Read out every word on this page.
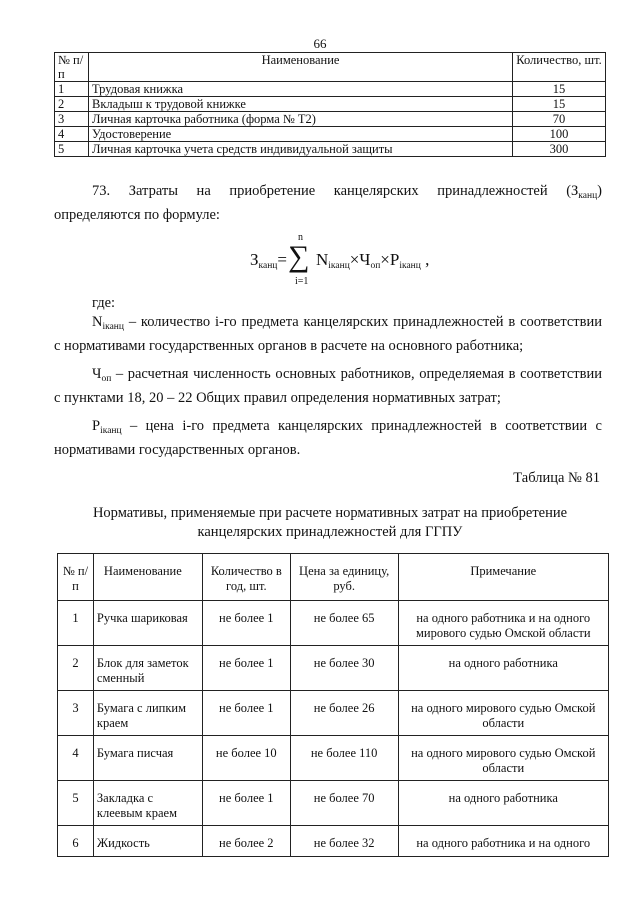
66
№ п/п	Наименование	Количество, шт.
1	Трудовая книжка	15
2	Вкладыш к трудовой книжке	15
3	Личная карточка работника (форма № Т2)	70
4	Удостоверение	100
5	Личная карточка учета средств индивидуальной защиты	300
73. Затраты на приобретение канцелярских принадлежностей $(З_{канц})$ определяются по формуле:
$З_{канц}=$
n
∑
i=1
$N_{iканц}\times Ч_{оп}\times P_{iканц}$ ,
где:
$N_{iканц}$ – количество i-го предмета канцелярских принадлежностей в соответствии с нормативами государственных органов в расчете на основного работника;
$Ч_{оп}$ – расчетная численность основных работников, определяемая в соответствии с пунктами 18, 20 – 22 Общих правил определения нормативных затрат;
$P_{iканц}$ – цена i-го предмета канцелярских принадлежностей в соответствии с нормативами государственных органов.
Таблица № 81
Нормативы, применяемые при расчете нормативных затрат на приобретение канцелярских принадлежностей для ГГПУ
№ п/п	Наименование	Количество в год, шт.	Цена за единицу, руб.	Примечание
1	Ручка шариковая	не более 1	не более 65	на одного работника и на одного мирового судью Омской области
2	Блок для заметок сменный	не более 1	не более 30	на одного работника
3	Бумага с липким краем	не более 1	не более 26	на одного мирового судью Омской области
4	Бумага писчая	не более 10	не более 110	на одного мирового судью Омской области
5	Закладка с клеевым краем	не более 1	не более 70	на одного работника
6	Жидкость	не более 2	не более 32	на одного работника и на одного
